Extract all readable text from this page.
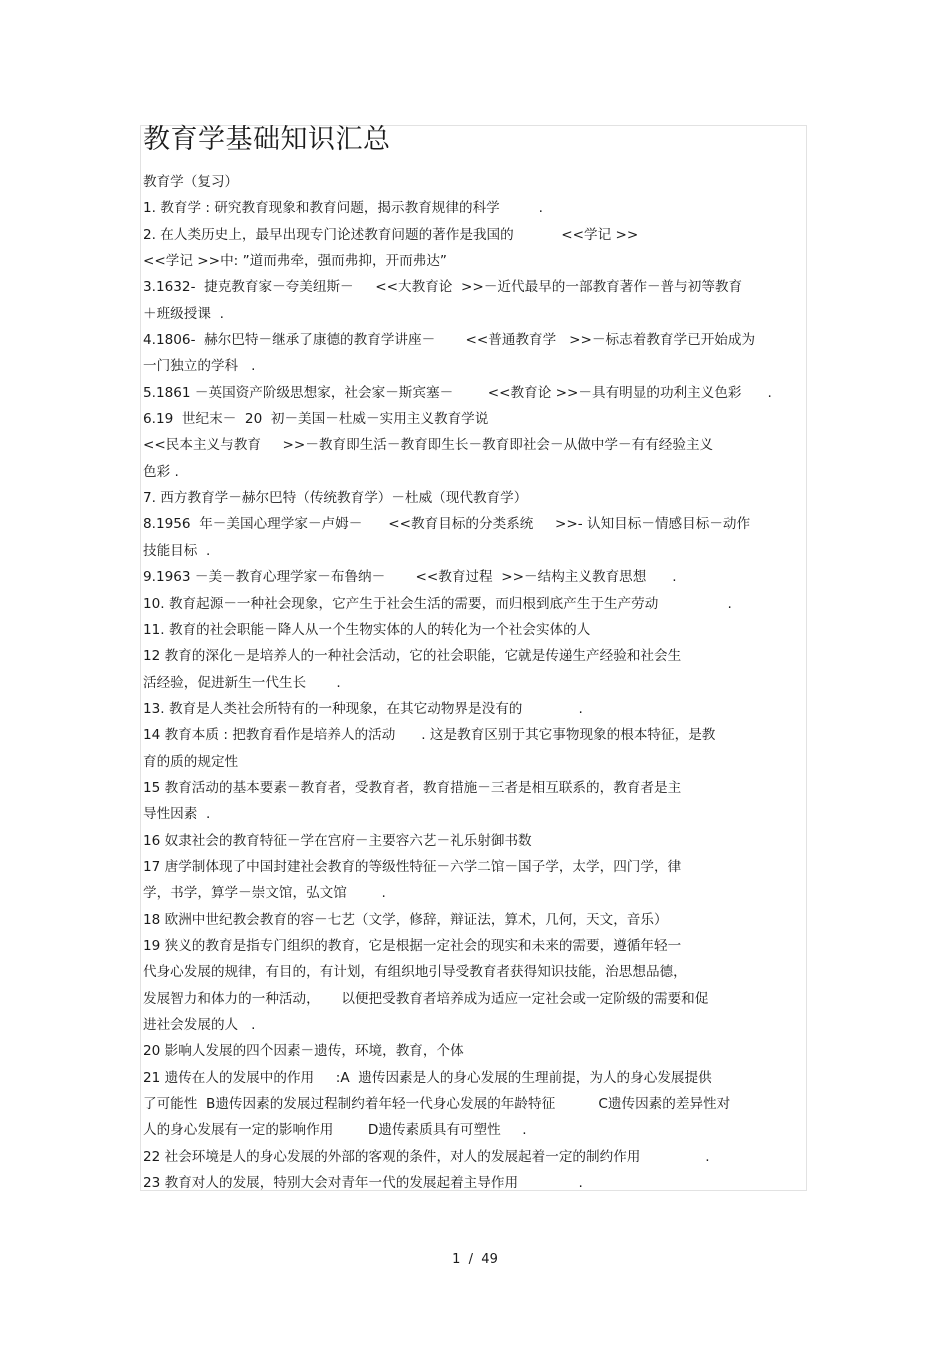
教育学基础知识汇总
教育学（复习）
1. 教育学 : 研究教育现象和教育问题，揭示教育规律的科学         .
2. 在人类历史上，最早出现专门论述教育问题的著作是我国的           <<学记 >>
<<学记 >>中: ”道而弗牵，强而弗抑，开而弗达”
3.1632-  捷克教育家－夸美纽斯－     <<大教育论  >>－近代最早的一部教育著作－普与初等教育
＋班级授课  .
4.1806-  赫尔巴特－继承了康德的教育学讲座－       <<普通教育学   >>－标志着教育学已开始成为
一门独立的学科   .
5.1861 －英国资产阶级思想家，社会家－斯宾塞－        <<教育论 >>－具有明显的功利主义色彩      .
6.19  世纪末－  20  初－美国－杜威－实用主义教育学说
<<民本主义与教育     >>－教育即生活－教育即生长－教育即社会－从做中学－有有经验主义
色彩 .
7. 西方教育学－赫尔巴特（传统教育学）－杜威（现代教育学）
8.1956  年－美国心理学家－卢姆－      <<教育目标的分类系统     >>- 认知目标－情感目标－动作
技能目标  .
9.1963 －美－教育心理学家－布鲁纳－       <<教育过程  >>－结构主义教育思想      .
10. 教育起源－一种社会现象，它产生于社会生活的需要，而归根到底产生于生产劳动                .
11. 教育的社会职能－降人从一个生物实体的人的转化为一个社会实体的人
12 教育的深化－是培养人的一种社会活动，它的社会职能，它就是传递生产经验和社会生
活经验，促进新生一代生长       .
13. 教育是人类社会所特有的一种现象，在其它动物界是没有的             .
14 教育本质 : 把教育看作是培养人的活动      . 这是教育区别于其它事物现象的根本特征，是教
育的质的规定性
15 教育活动的基本要素－教育者，受教育者，教育措施－三者是相互联系的，教育者是主
导性因素  .
16 奴隶社会的教育特征－学在宫府－主要容六艺－礼乐射御书数
17 唐学制体现了中国封建社会教育的等级性特征－六学二馆－国子学，太学，四门学，律
学，书学，算学－崇文馆，弘文馆        .
18 欧洲中世纪教会教育的容－七艺（文学，修辞，辩证法，算术，几何，天文，音乐）
19 狭义的教育是指专门组织的教育，它是根据一定社会的现实和未来的需要，遵循年轻一
代身心发展的规律，有目的，有计划，有组织地引导受教育者获得知识技能，治思想品德，
发展智力和体力的一种活动，     以便把受教育者培养成为适应一定社会或一定阶级的需要和促
进社会发展的人   .
20 影响人发展的四个因素－遗传，环境，教育，个体
21 遗传在人的发展中的作用     :A  遗传因素是人的身心发展的生理前提，为人的身心发展提供
了可能性  B遗传因素的发展过程制约着年轻一代身心发展的年龄特征          C遗传因素的差异性对
人的身心发展有一定的影响作用        D遗传素质具有可塑性     .
22 社会环境是人的身心发展的外部的客观的条件，对人的发展起着一定的制约作用               .
23 教育对人的发展，特别大会对青年一代的发展起着主导作用              .
1  /  49
